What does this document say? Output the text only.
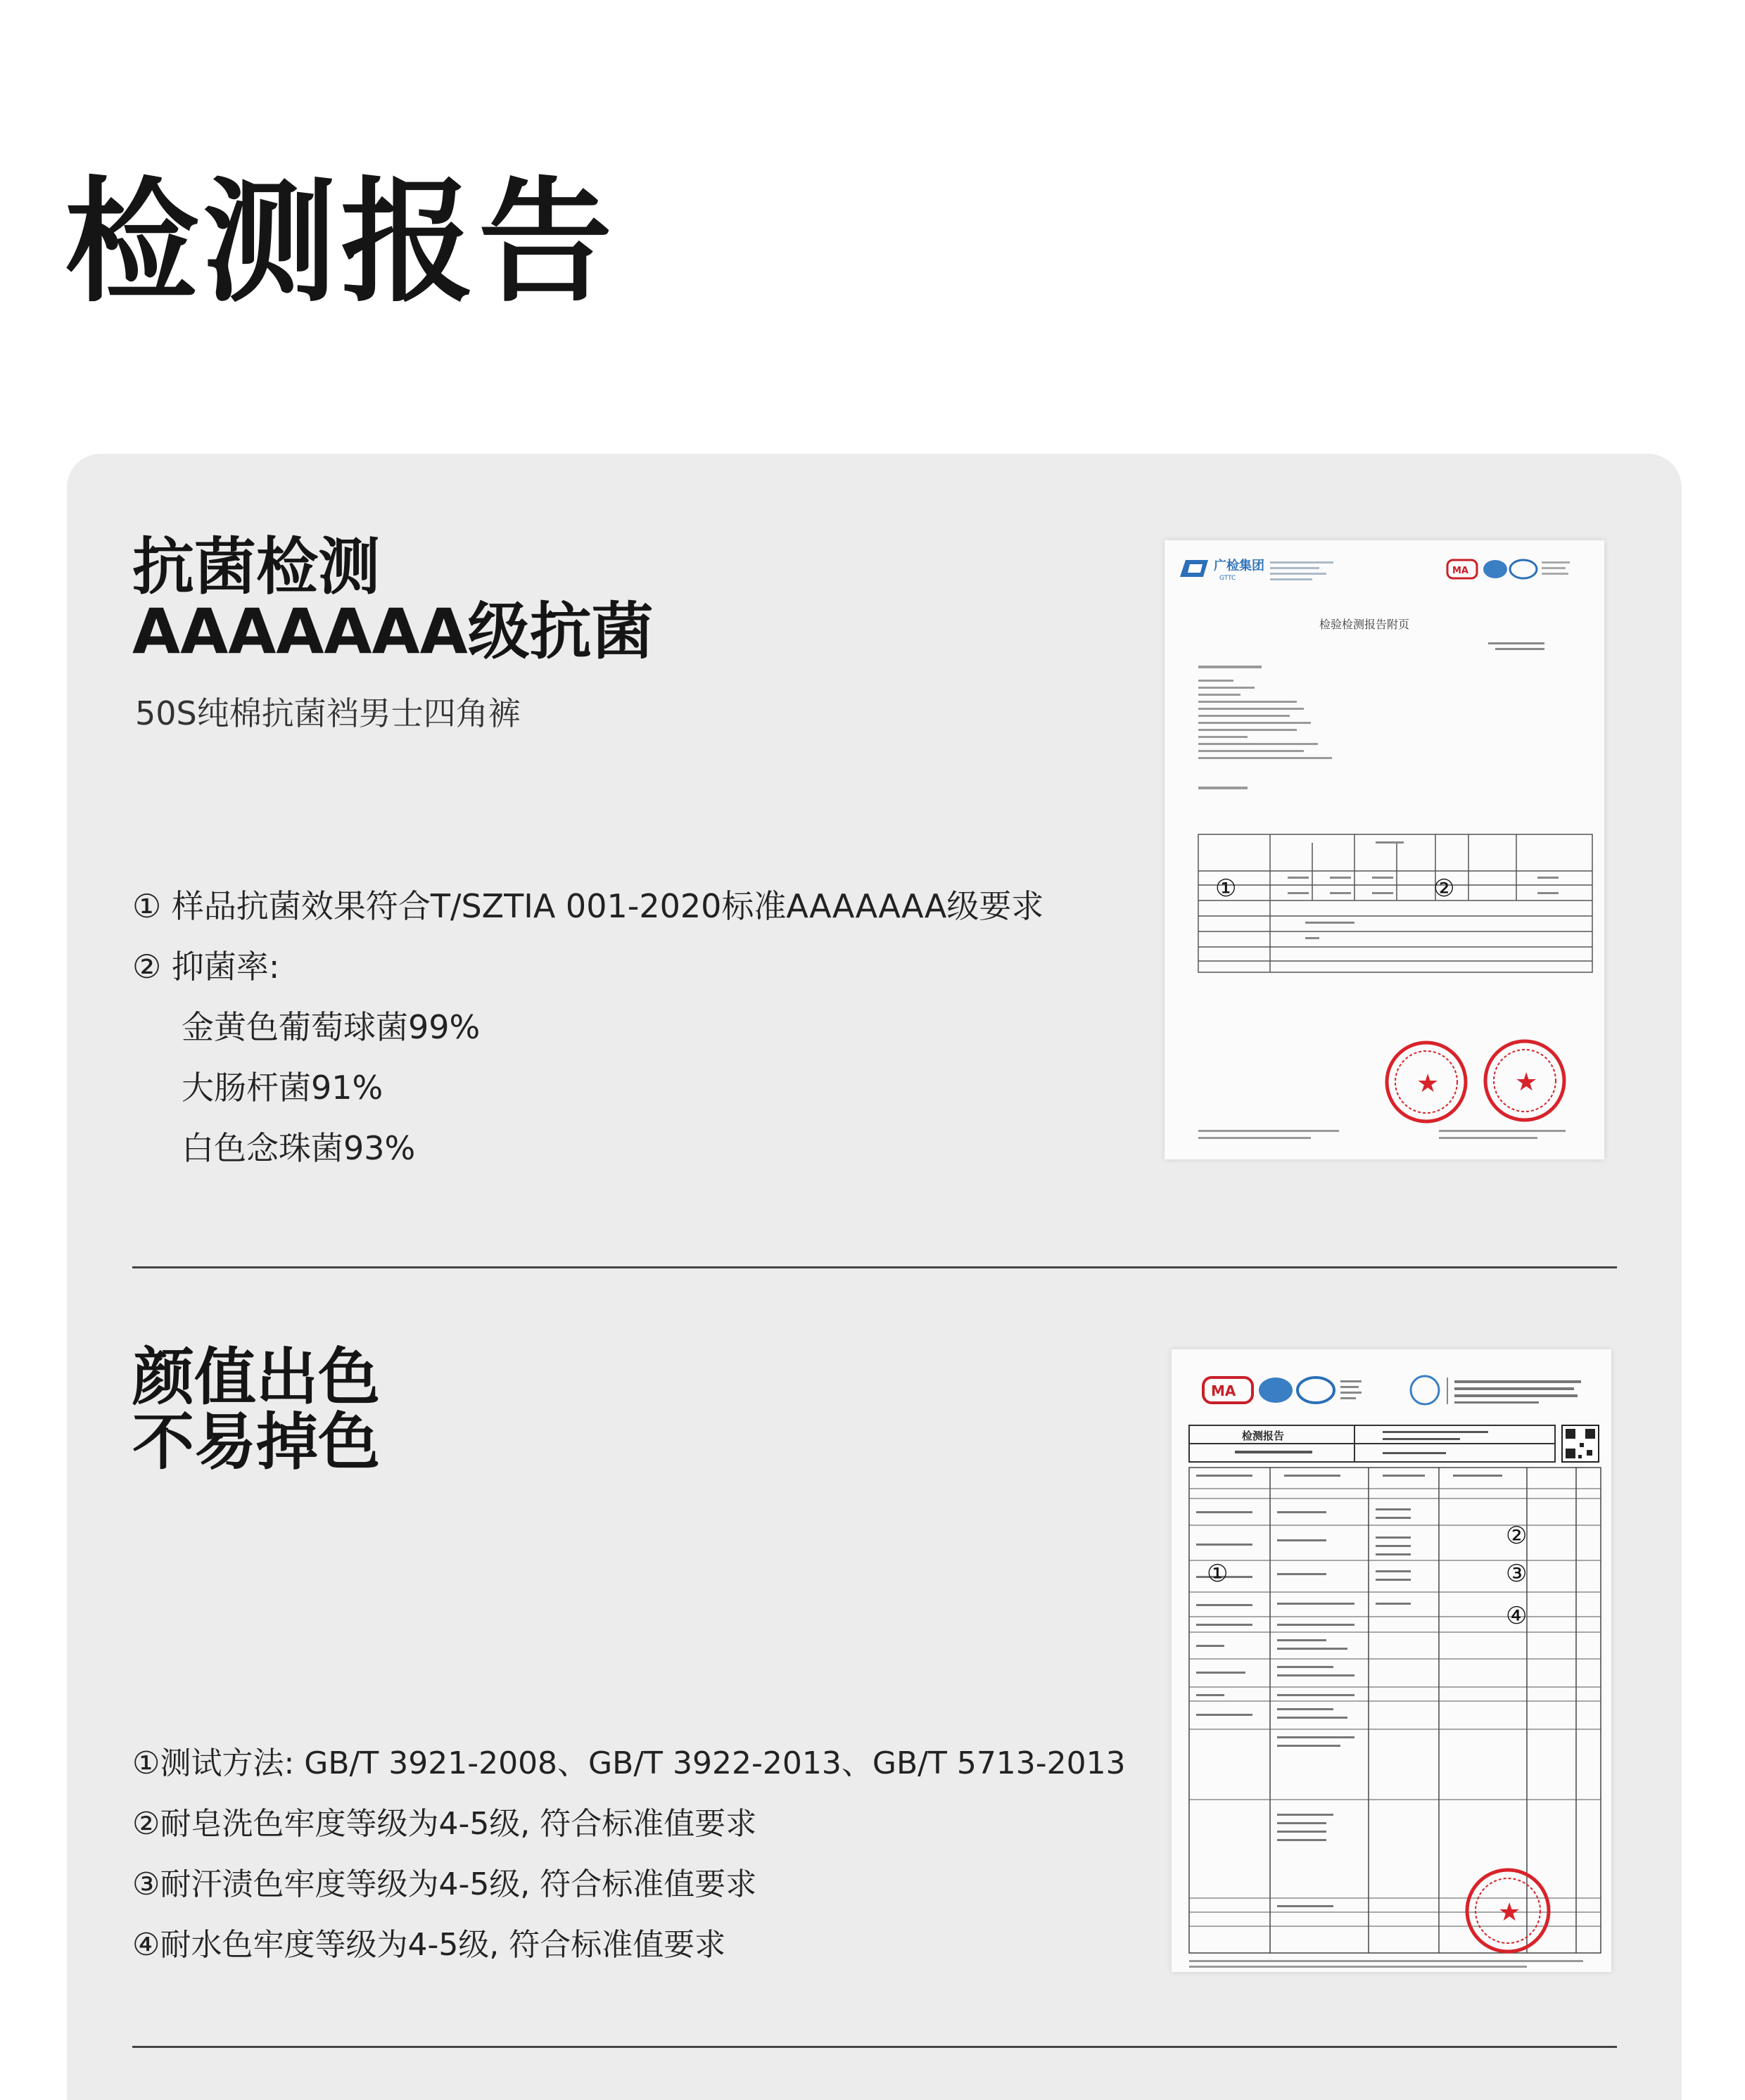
检测报告
抗菌检测
AAAAAAA级抗菌
50S纯棉抗菌裆男士四角裤
① 样品抗菌效果符合T/SZTIA 001-2020标准AAAAAAA级要求
② 抑菌率:
金黄色葡萄球菌99%
大肠杆菌91%
白色念珠菌93%
广检集团
GTTC
MA
检验检测报告附页
①	②
★	★
颜值出色
不易掉色
①测试方法: GB/T 3921-2008、GB/T 3922-2013、GB/T 5713-2013
②耐皂洗色牢度等级为4-5级, 符合标准值要求
③耐汗渍色牢度等级为4-5级, 符合标准值要求
④耐水色牢度等级为4-5级, 符合标准值要求
MA
检测报告
①
②
③
④
★
